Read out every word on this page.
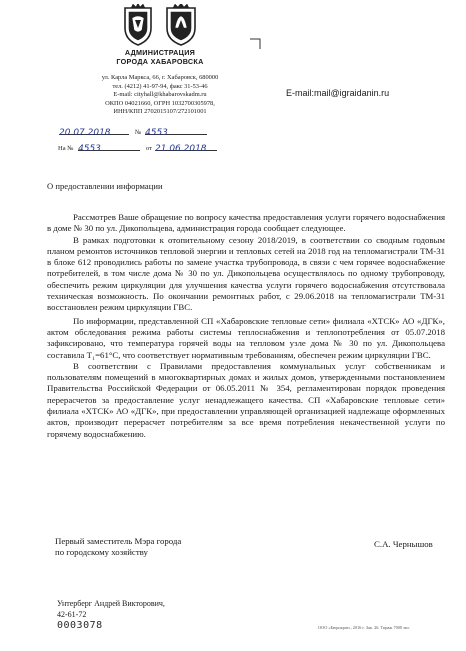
АДМИНИСТРАЦИЯ
ГОРОДА ХАБАРОВСКА
ул. Карла Маркса, 66, г. Хабаровск, 680000
тел. (4212) 41-97-94, факс 31-53-46
E-mail: cityhall@khabarovskadm.ru
ОКПО 04021660, ОГРН 1032700305978,
ИНН/КПП 2702015107/272101001
E-mail:mail@igraidanin.ru
20.07.2018	№ 4553
На № 4553	от 21.06.2018
О предоставлении информации

Рассмотрев Ваше обращение по вопросу качества предоставления услуги горячего водоснабжения в доме № 30 по ул. Дикопольцева, администрация города сообщает следующее.

В рамках подготовки к отопительному сезону 2018/2019, в соответствии со сводным годовым планом ремонтов источников тепловой энергии и тепловых сетей на 2018 год на тепломагистрали ТМ-31 в блоке 612 проводились работы по замене участка трубопровода, в связи с чем горячее водоснабжение потребителей, в том числе дома № 30 по ул. Дикопольцева осуществлялось по одному трубопроводу, обеспечить режим циркуляции для улучшения качества услуги горячего водоснабжения отсутствовала техническая возможность. По окончании ремонтных работ, с 29.06.2018 на тепломагистрали ТМ-31 восстановлен режим циркуляции ГВС.

По информации, представленной СП «Хабаровские тепловые сети» филиала «ХТСК» АО «ДГК», актом обследования режима работы системы теплоснабжения и теплопотребления от 05.07.2018 зафиксировано, что температура горячей воды на тепловом узле дома № 30 по ул. Дикопольцева составила T₁=61°C, что соответствует нормативным требованиям, обеспечен режим циркуляции ГВС.

В соответствии с Правилами предоставления коммунальных услуг собственникам и пользователям помещений в многоквартирных домах и жилых домов, утвержденными постановлением Правительства Российской Федерации от 06.05.2011 № 354, регламентирован порядок проведения перерасчетов за предоставление услуг ненадлежащего качества. СП «Хабаровские тепловые сети» филиала «ХТСК» АО «ДГК», при предоставлении управляющей организацией надлежаще оформленных актов, производит перерасчет потребителям за все время потребления некачественной услуги по горячему водоснабжению.

Первый заместитель Мэра города
по городскому хозяйству
С.А. Чернышов
Унтерберг Андрей Викторович,
42-61-72
0003078	ООО «Бюрократ», 2016 г. Зак. 26. Тираж 7000 экз.
